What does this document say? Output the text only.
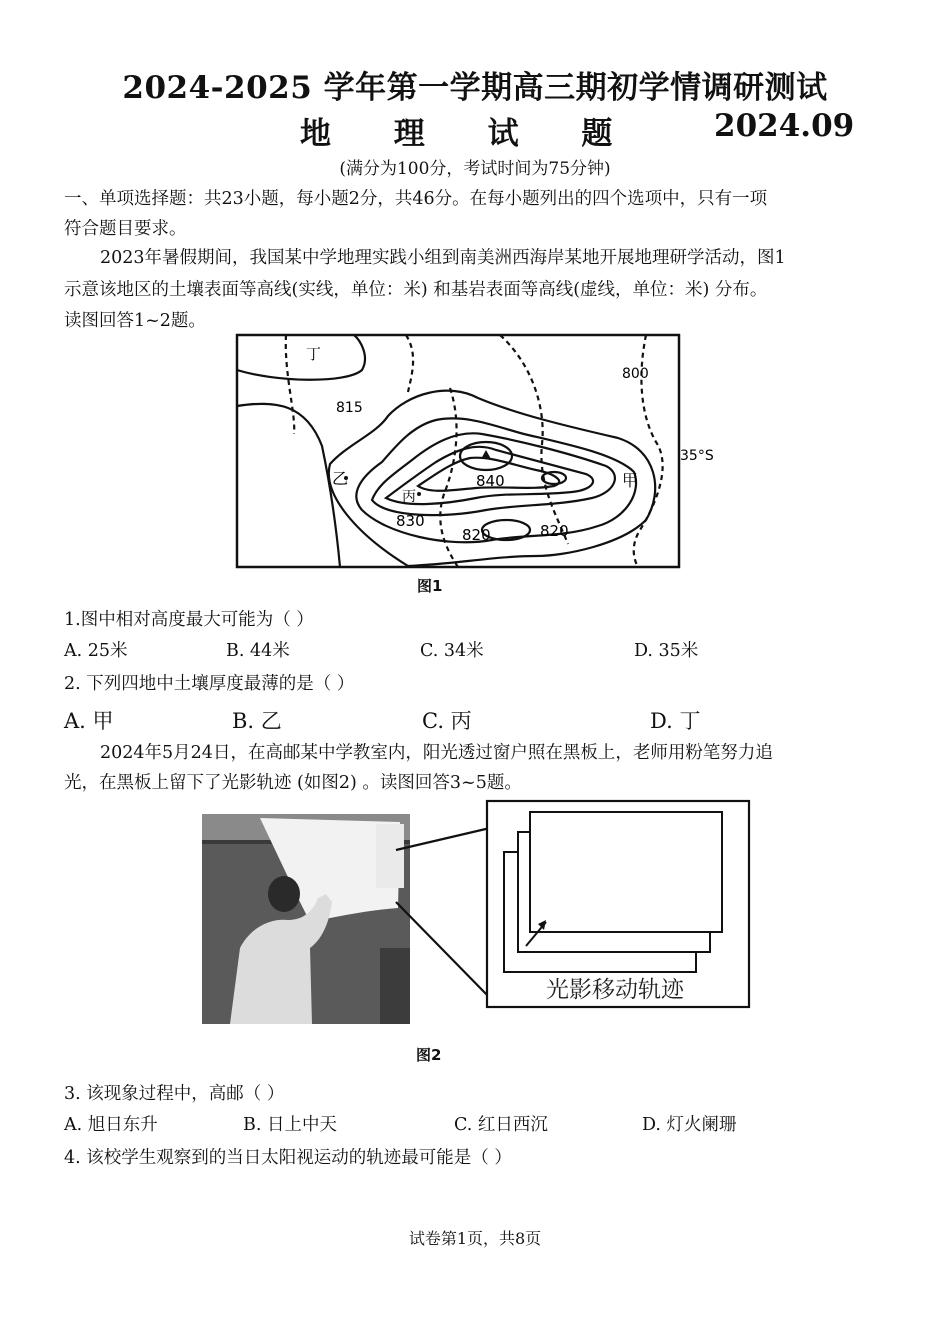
2024-2025 学年第一学期高三期初学情调研测试
地 理 试 题 2024.09
(满分为100分，考试时间为75分钟)
一、单项选择题：共23小题，每小题2分，共46分。在每小题列出的四个选项中，只有一项
符合题目要求。
2023年暑假期间，我国某中学地理实践小组到南美洲西海岸某地开展地理研学活动，图1
示意该地区的土壤表面等高线(实线，单位：米) 和基岩表面等高线(虚线，单位：米) 分布。
读图回答1~2题。
丁
乙
丙
甲
800
815
840
830
820	820
35°S
图1
1.图中相对高度最大可能为（ ）
A. 25米	B. 44米	C. 34米	D. 35米
2. 下列四地中土壤厚度最薄的是（ ）
A. 甲	B. 乙	C. 丙	D. 丁
2024年5月24日，在高邮某中学教室内，阳光透过窗户照在黑板上，老师用粉笔努力追
光，在黑板上留下了光影轨迹 (如图2) 。读图回答3~5题。
光影移动轨迹
图2
3. 该现象过程中，高邮（ ）
A. 旭日东升	B. 日上中天	C. 红日西沉	D. 灯火阑珊
4. 该校学生观察到的当日太阳视运动的轨迹最可能是（ ）
试卷第1页，共8页
